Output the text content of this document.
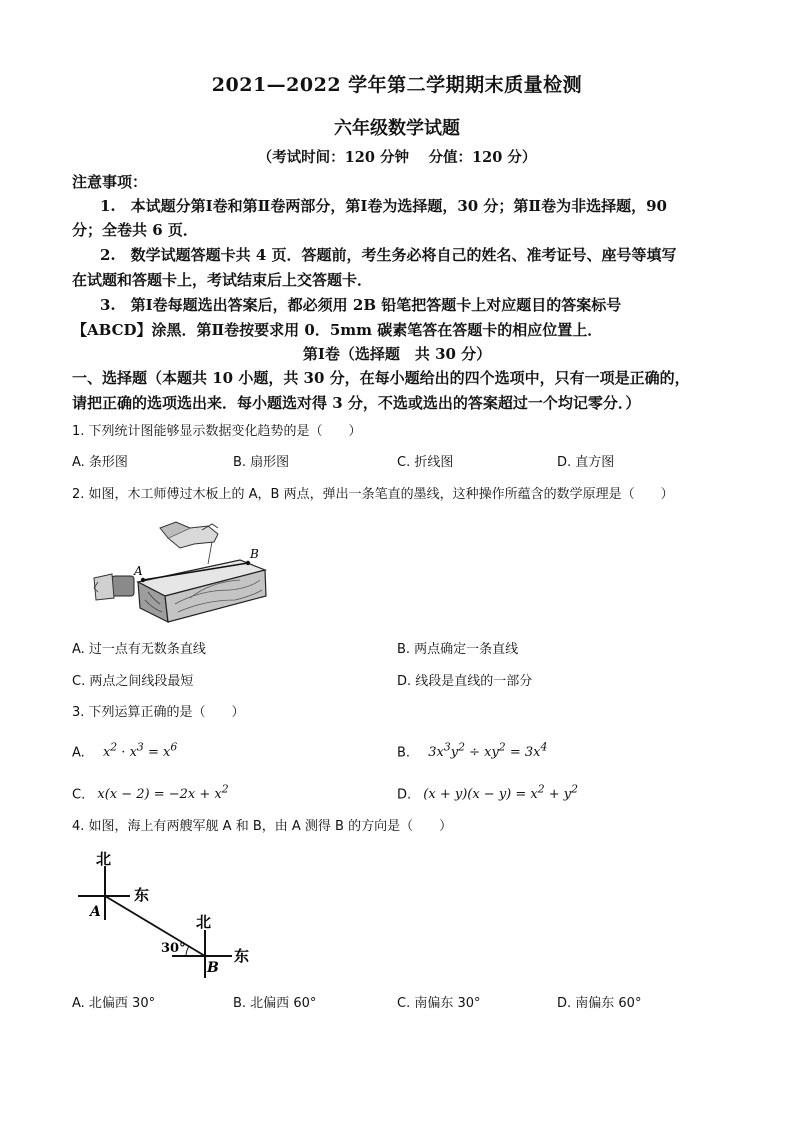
2021—2022 学年第二学期期末质量检测
六年级数学试题
（考试时间：120 分钟　 分值：120 分）
注意事项：
1.　本试题分第Ⅰ卷和第Ⅱ卷两部分，第Ⅰ卷为选择题，30 分；第Ⅱ卷为非选择题，90
分；全卷共 6 页．
2.　数学试题答题卡共 4 页．答题前，考生务必将自己的姓名、准考证号、座号等填写
在试题和答题卡上，考试结束后上交答题卡．
3.　第Ⅰ卷每题选出答案后，都必须用 2B 铅笔把答题卡上对应题目的答案标号
【ABCD】涂黑．第Ⅱ卷按要求用 0．5mm 碳素笔答在答题卡的相应位置上．
第Ⅰ卷（选择题　共 30 分）
一、选择题（本题共 10 小题，共 30 分，在每小题给出的四个选项中，只有一项是正确的，
请把正确的选项选出来．每小题选对得 3 分，不选或选出的答案超过一个均记零分．）
1. 下列统计图能够显示数据变化趋势的是（　　）
A. 条形图	B. 扇形图	C. 折线图	D. 直方图
2. 如图，木工师傅过木板上的 A，B 两点，弹出一条笔直的墨线，这种操作所蕴含的数学原理是（　　）
A
B
A. 过一点有无数条直线	B. 两点确定一条直线
C. 两点之间线段最短	D. 线段是直线的一部分
3. 下列运算正确的是（　　）
A. $x^2 \cdot x^3 = x^6$	B. $3x^3y^2 \div xy^2 = 3x^4$
C. $x(x - 2) = -2x + x^2$	D. $(x + y)(x - y) = x^2 + y^2$
4. 如图，海上有两艘军舰 A 和 B，由 A 测得 B 的方向是（　　）
北
东
A
北
东
B
30°
A. 北偏西 30°	B. 北偏西 60°	C. 南偏东 30°	D. 南偏东 60°
